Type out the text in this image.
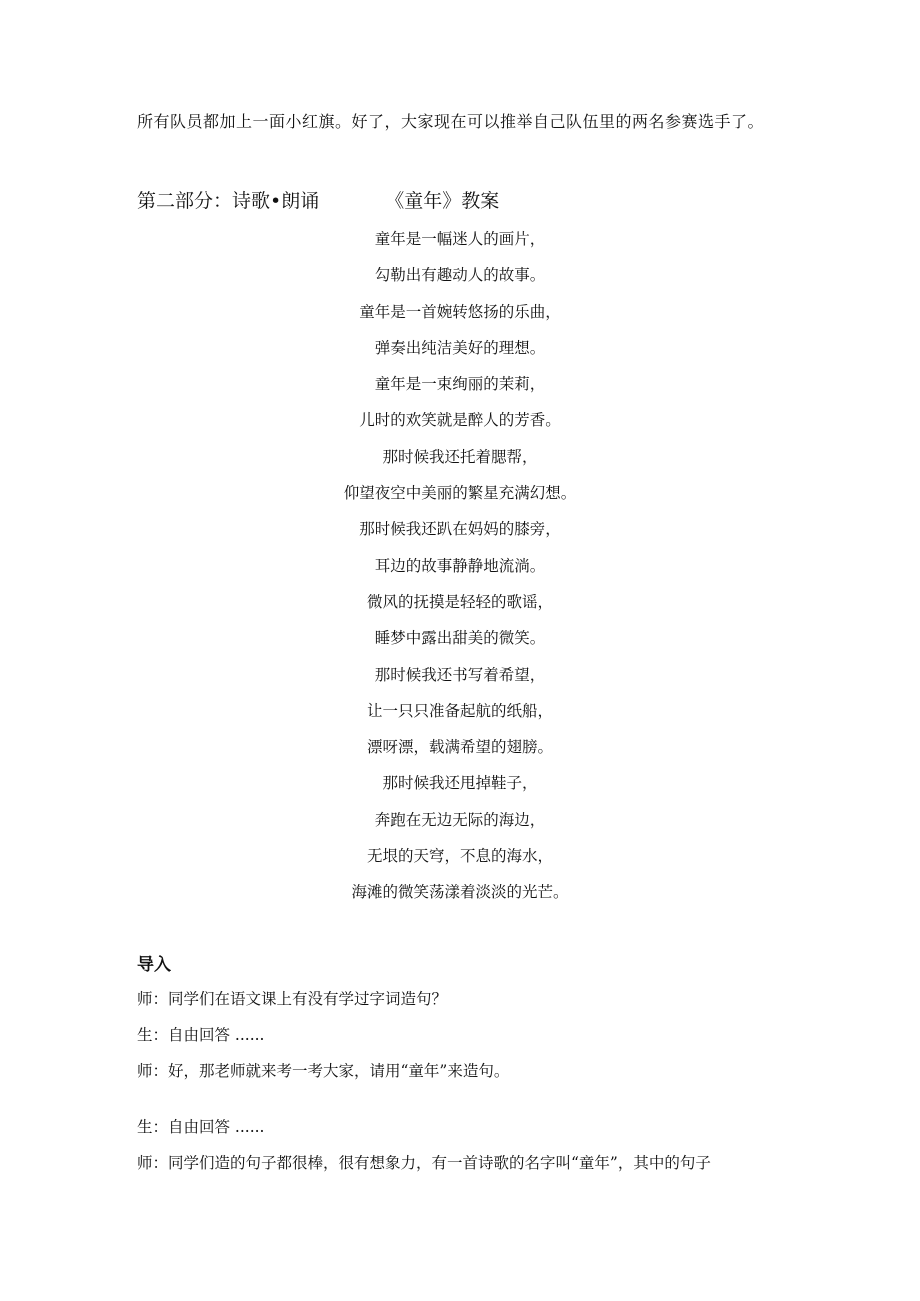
所有队员都加上一面小红旗。好了，大家现在可以推举自己队伍里的两名参赛选手了。
第二部分：诗歌•朗诵	《童年》教案
童年是一幅迷人的画片，
勾勒出有趣动人的故事。
童年是一首婉转悠扬的乐曲，
弹奏出纯洁美好的理想。
童年是一束绚丽的茉莉，
儿时的欢笑就是醉人的芳香。
那时候我还托着腮帮，
仰望夜空中美丽的繁星充满幻想。
那时候我还趴在妈妈的膝旁，
耳边的故事静静地流淌。
微风的抚摸是轻轻的歌谣，
睡梦中露出甜美的微笑。
那时候我还书写着希望，
让一只只准备起航的纸船，
漂呀漂，载满希望的翅膀。
那时候我还甩掉鞋子，
奔跑在无边无际的海边，
无垠的天穹，不息的海水，
海滩的微笑荡漾着淡淡的光芒。
导入
师：同学们在语文课上有没有学过字词造句？
生：自由回答 ......
师：好，那老师就来考一考大家，请用“童年”来造句。
生：自由回答 ......
师：同学们造的句子都很棒，很有想象力，有一首诗歌的名字叫“童年”，其中的句子
